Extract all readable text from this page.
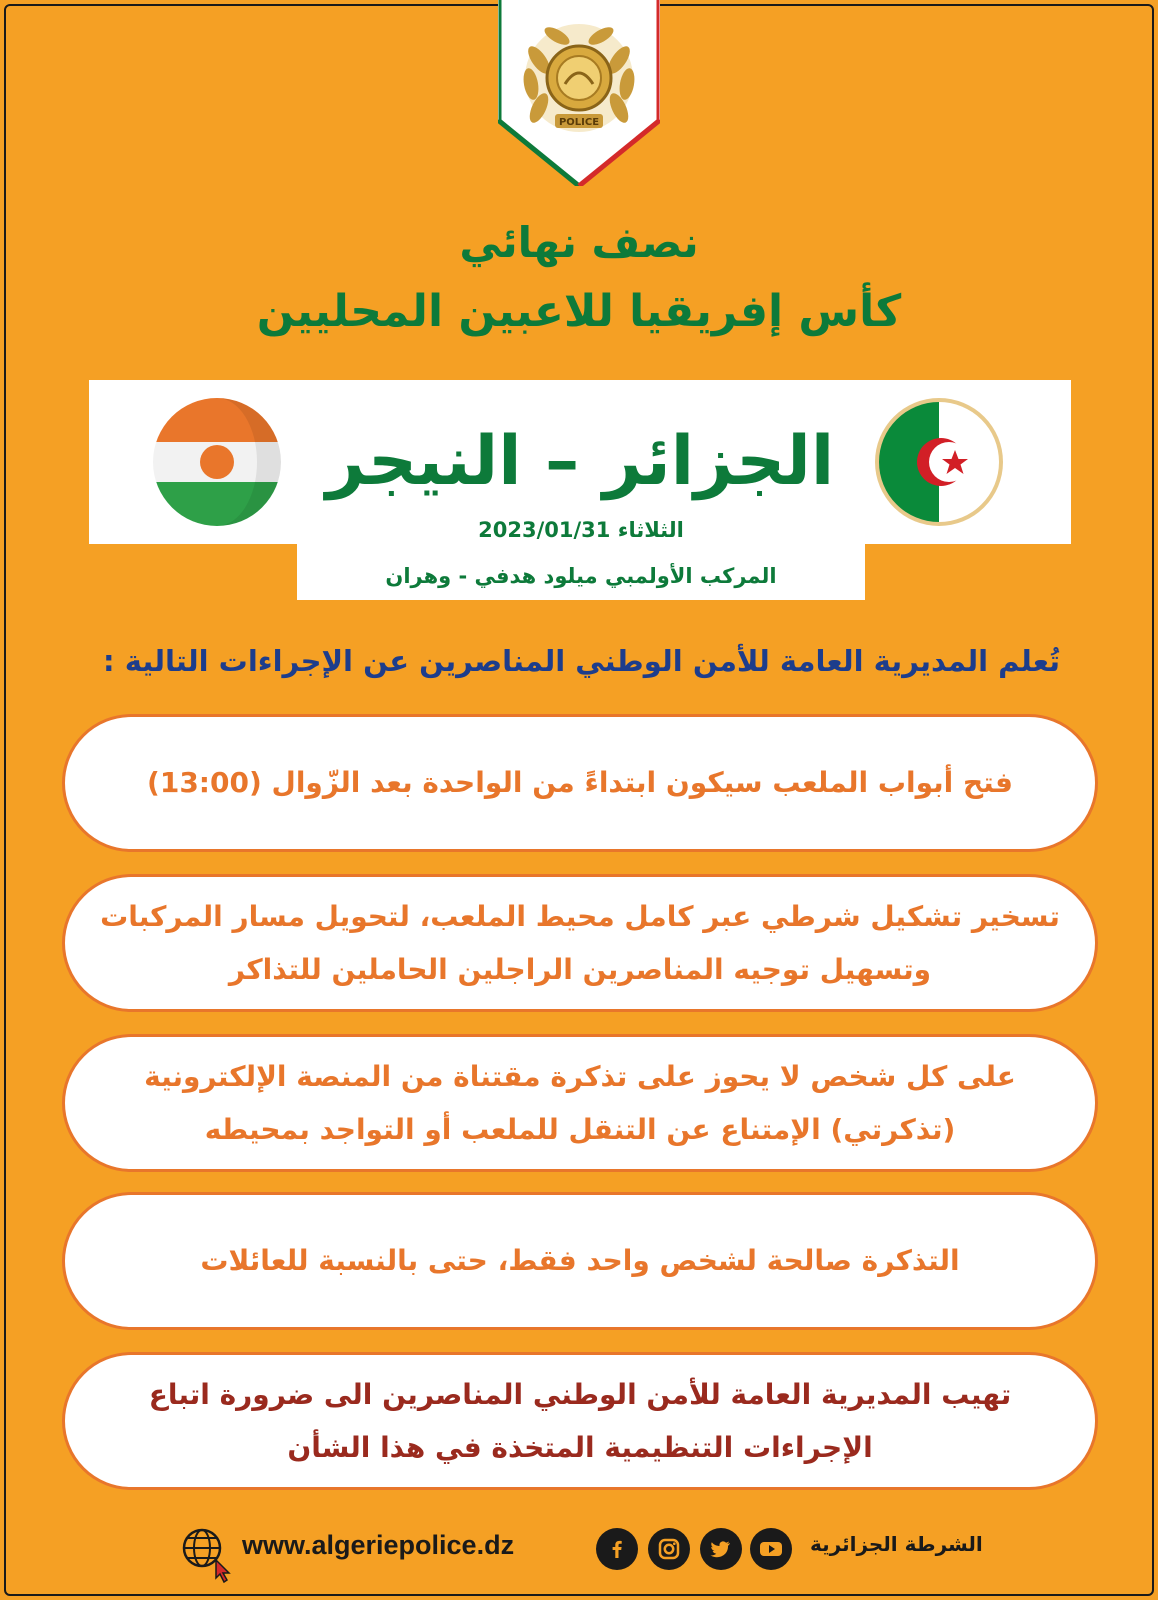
POLICE
نصف نهائي
كأس إفريقيا للاعبين المحليين
الجزائر – النيجر
الثلاثاء 2023/01/31
المركب الأولمبي ميلود هدفي - وهران
تُعلم المديرية العامة للأمن الوطني المناصرين عن الإجراءات التالية :
فتح أبواب الملعب سيكون ابتداءً من الواحدة بعد الزّوال (13:00)
تسخير تشكيل شرطي عبر كامل محيط الملعب، لتحويل مسار المركبات وتسهيل توجيه المناصرين الراجلين الحاملين للتذاكر
على كل شخص لا يحوز على تذكرة مقتناة من المنصة الإلكترونية (تذكرتي) الإمتناع عن التنقل للملعب أو التواجد بمحيطه
التذكرة صالحة لشخص واحد فقط، حتى بالنسبة للعائلات
تهيب المديرية العامة للأمن الوطني المناصرين الى ضرورة اتباع الإجراءات التنظيمية المتخذة في هذا الشأن
الشرطة الجزائرية
www.algeriepolice.dz
